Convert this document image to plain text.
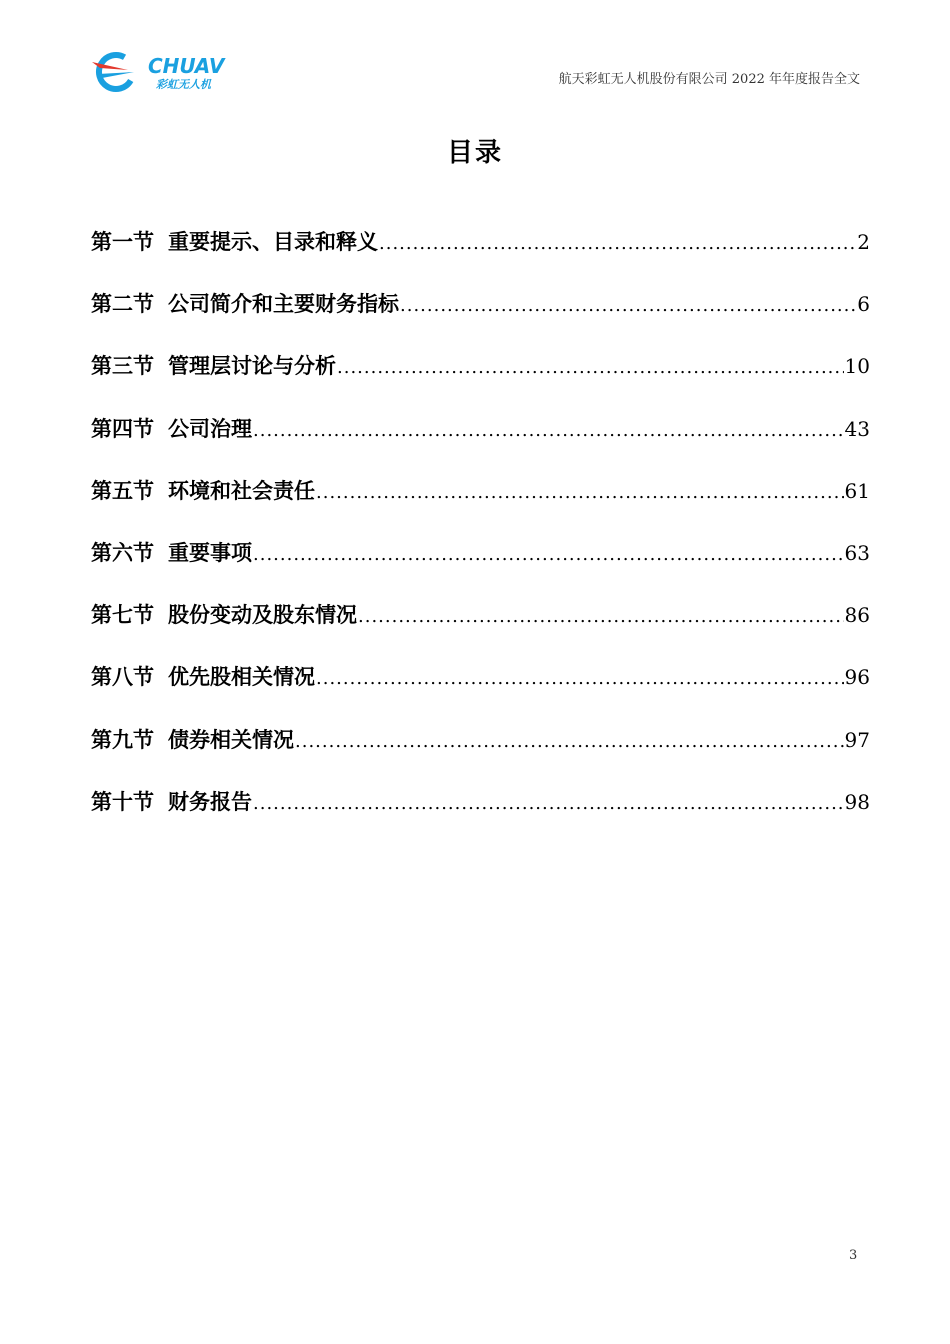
CHUAV
彩虹无人机	航天彩虹无人机股份有限公司 2022 年年度报告全文
目录
第一节 重要提示、目录和释义 .....	2
第二节 公司简介和主要财务指标 .....	6
第三节 管理层讨论与分析 .....	10
第四节 公司治理 .....	43
第五节 环境和社会责任 .....	61
第六节 重要事项 .....	63
第七节 股份变动及股东情况 .....	86
第八节 优先股相关情况 .....	96
第九节 债券相关情况 .....	97
第十节 财务报告 .....	98
3
